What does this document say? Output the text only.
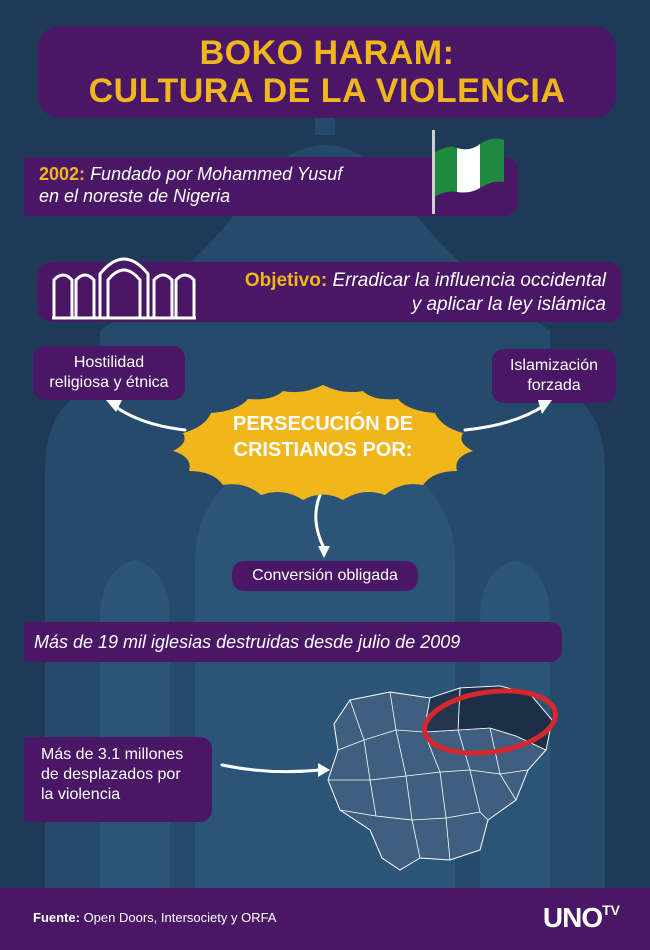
BOKO HARAM:
CULTURA DE LA VIOLENCIA
2002: Fundado por Mohammed Yusuf
en el noreste de Nigeria
Objetivo: Erradicar la influencia occidental
y aplicar la ley islámica
Hostilidad
religiosa y étnica
Islamización
forzada
PERSECUCIÓN DE
CRISTIANOS POR:
Conversión obligada
Más de 19 mil iglesias destruidas desde julio de 2009
Más de 3.1 millones
de desplazados por
la violencia
Fuente: Open Doors, Intersociety y ORFA	$UNO^{TV}$
